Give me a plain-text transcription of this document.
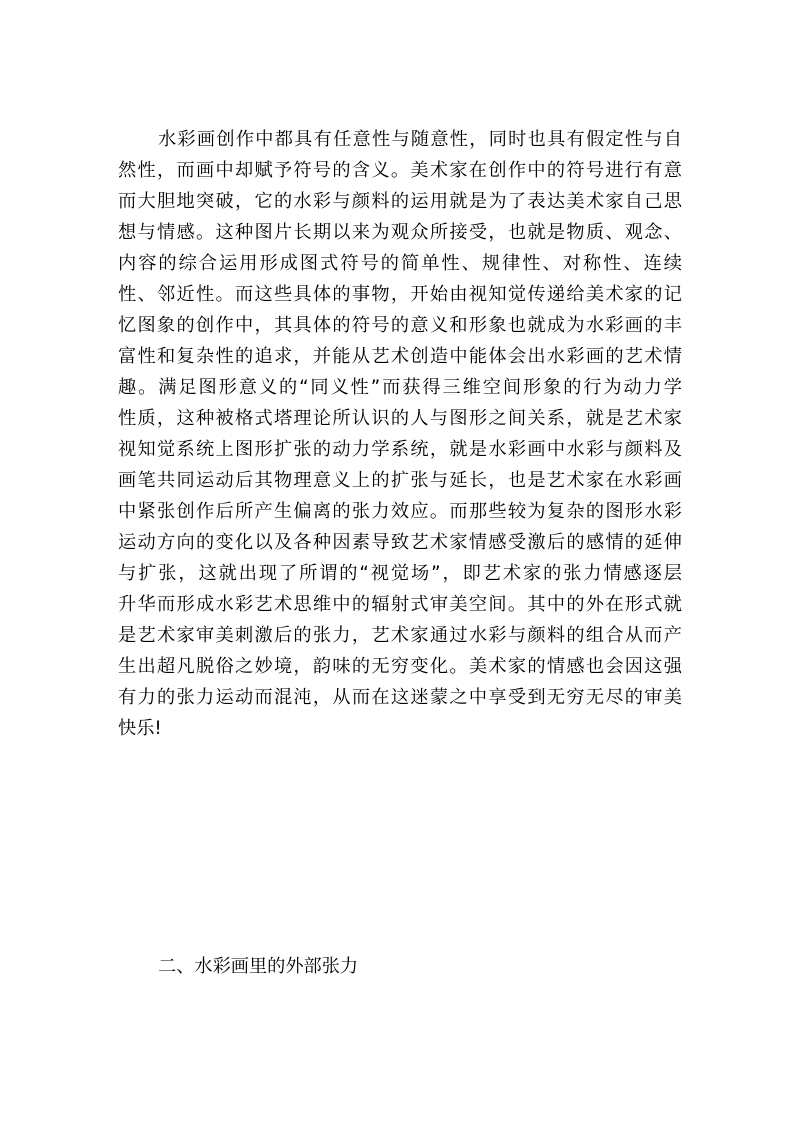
水彩画创作中都具有任意性与随意性，同时也具有假定性与自
然性，而画中却赋予符号的含义。美术家在创作中的符号进行有意
而大胆地突破，它的水彩与颜料的运用就是为了表达美术家自己思
想与情感。这种图片长期以来为观众所接受，也就是物质、观念、
内容的综合运用形成图式符号的简单性、规律性、对称性、连续
性、邻近性。而这些具体的事物，开始由视知觉传递给美术家的记
忆图象的创作中，其具体的符号的意义和形象也就成为水彩画的丰
富性和复杂性的追求，并能从艺术创造中能体会出水彩画的艺术情
趣。满足图形意义的“同义性”而获得三维空间形象的行为动力学
性质，这种被格式塔理论所认识的人与图形之间关系，就是艺术家
视知觉系统上图形扩张的动力学系统，就是水彩画中水彩与颜料及
画笔共同运动后其物理意义上的扩张与延长，也是艺术家在水彩画
中紧张创作后所产生偏离的张力效应。而那些较为复杂的图形水彩
运动方向的变化以及各种因素导致艺术家情感受激后的感情的延伸
与扩张，这就出现了所谓的“视觉场”，即艺术家的张力情感逐层
升华而形成水彩艺术思维中的辐射式审美空间。其中的外在形式就
是艺术家审美刺激后的张力，艺术家通过水彩与颜料的组合从而产
生出超凡脱俗之妙境，韵味的无穷变化。美术家的情感也会因这强
有力的张力运动而混沌，从而在这迷蒙之中享受到无穷无尽的审美
快乐!

二、水彩画里的外部张力
